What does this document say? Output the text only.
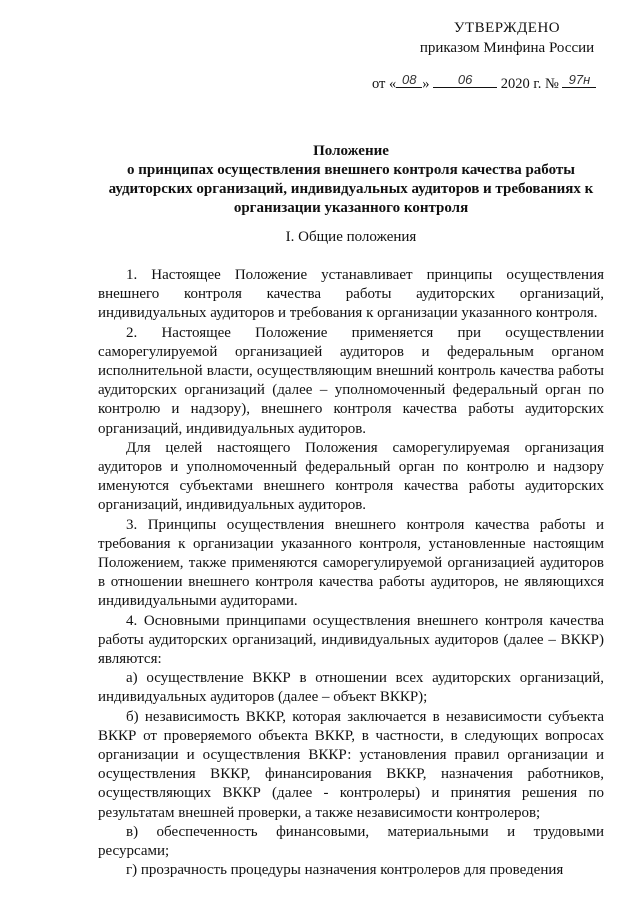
УТВЕРЖДЕНО
приказом Минфина России
от « 08 » 06 2020 г. № 97н
Положение
о принципах осуществления внешнего контроля качества работы аудиторских организаций, индивидуальных аудиторов и требованиях к организации указанного контроля
I. Общие положения

1. Настоящее Положение устанавливает принципы осуществления внешнего контроля качества работы аудиторских организаций, индивидуальных аудиторов и требования к организации указанного контроля.

2. Настоящее Положение применяется при осуществлении саморегулируемой организацией аудиторов и федеральным органом исполнительной власти, осуществляющим внешний контроль качества работы аудиторских организаций (далее – уполномоченный федеральный орган по контролю и надзору), внешнего контроля качества работы аудиторских организаций, индивидуальных аудиторов.

Для целей настоящего Положения саморегулируемая организация аудиторов и уполномоченный федеральный орган по контролю и надзору именуются субъектами внешнего контроля качества работы аудиторских организаций, индивидуальных аудиторов.

3. Принципы осуществления внешнего контроля качества работы и требования к организации указанного контроля, установленные настоящим Положением, также применяются саморегулируемой организацией аудиторов в отношении внешнего контроля качества работы аудиторов, не являющихся индивидуальными аудиторами.

4. Основными принципами осуществления внешнего контроля качества работы аудиторских организаций, индивидуальных аудиторов (далее – ВККР) являются:

а) осуществление ВККР в отношении всех аудиторских организаций, индивидуальных аудиторов (далее – объект ВККР);

б) независимость ВККР, которая заключается в независимости субъекта ВККР от проверяемого объекта ВККР, в частности, в следующих вопросах организации и осуществления ВККР: установления правил организации и осуществления ВККР, финансирования ВККР, назначения работников, осуществляющих ВККР (далее - контролеры) и принятия решения по результатам внешней проверки, а также независимости контролеров;

в) обеспеченность финансовыми, материальными и трудовыми ресурсами;

г) прозрачность процедуры назначения контролеров для проведения
